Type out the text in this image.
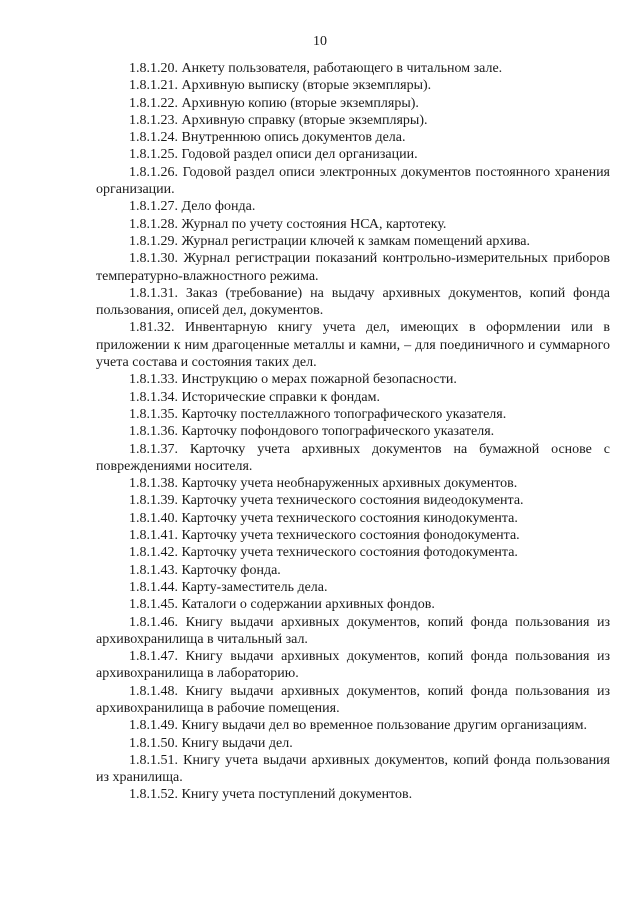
10

1.8.1.20. Анкету пользователя, работающего в читальном зале.

1.8.1.21. Архивную выписку (вторые экземпляры).

1.8.1.22. Архивную копию (вторые экземпляры).

1.8.1.23. Архивную справку (вторые экземпляры).

1.8.1.24. Внутреннюю опись документов дела.

1.8.1.25. Годовой раздел описи дел организации.

1.8.1.26. Годовой раздел описи электронных документов постоянного хранения организации.

1.8.1.27. Дело фонда.

1.8.1.28. Журнал по учету состояния НСА, картотеку.

1.8.1.29. Журнал регистрации ключей к замкам помещений архива.

1.8.1.30. Журнал регистрации показаний контрольно-измерительных приборов температурно-влажностного режима.

1.8.1.31. Заказ (требование) на выдачу архивных документов, копий фонда пользования, описей дел, документов.

1.81.32. Инвентарную книгу учета дел, имеющих в оформлении или в приложении к ним драгоценные металлы и камни, – для поединичного и суммарного учета состава и состояния таких дел.

1.8.1.33. Инструкцию о мерах пожарной безопасности.

1.8.1.34. Исторические справки к фондам.

1.8.1.35. Карточку постеллажного топографического указателя.

1.8.1.36. Карточку пофондового топографического указателя.

1.8.1.37. Карточку учета архивных документов на бумажной основе с повреждениями носителя.

1.8.1.38. Карточку учета необнаруженных архивных документов.

1.8.1.39. Карточку учета технического состояния видеодокумента.

1.8.1.40. Карточку учета технического состояния кинодокумента.

1.8.1.41. Карточку учета технического состояния фонодокумента.

1.8.1.42. Карточку учета технического состояния фотодокумента.

1.8.1.43. Карточку фонда.

1.8.1.44. Карту-заместитель дела.

1.8.1.45. Каталоги о содержании архивных фондов.

1.8.1.46. Книгу выдачи архивных документов, копий фонда пользования из архивохранилища в читальный зал.

1.8.1.47. Книгу выдачи архивных документов, копий фонда пользования из архивохранилища в лабораторию.

1.8.1.48. Книгу выдачи архивных документов, копий фонда пользования из архивохранилища в рабочие помещения.

1.8.1.49. Книгу выдачи дел во временное пользование другим организациям.

1.8.1.50. Книгу выдачи дел.

1.8.1.51. Книгу учета выдачи архивных документов, копий фонда пользования из хранилища.

1.8.1.52. Книгу учета поступлений документов.
